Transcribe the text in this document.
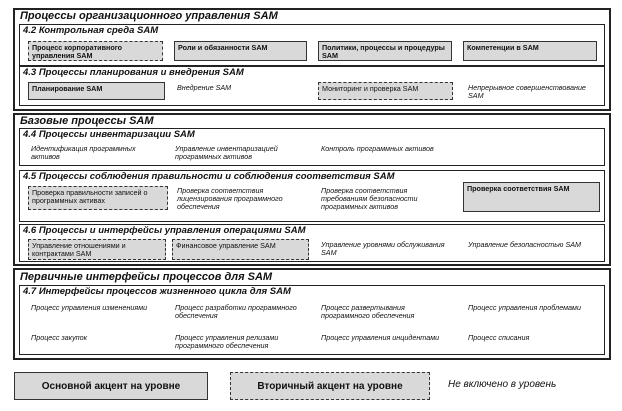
Процессы организационного управления SAM
4.2 Контрольная среда SAM
Процесс корпоративного управления SAM
Роли и обязанности SAM	Политики, процессы и процедуры SAM
Компетенции в SAM
4.3 Процессы планирования и внедрения SAM
Планирование SAM	Внедрение SAM	Мониторинг и проверка SAM	Непрерывное совершенствование SAM
Базовые процессы SAM
4.4 Процессы инвентаризации SAM
Идентификация программных активов
Управление инвентаризацией программных активов
Контроль программных активов
4.5 Процессы соблюдения правильности и соблюдения соответствия SAM
Проверка правильности записей о программных активах
Проверка соответствия лицензирования программного обеспечения
Проверка соответствия требованиям безопасности программных активов
Проверка соответствия SAM
4.6 Процессы и интерфейсы управления операциями SAM
Управление отношениями и контрактами SAM
Финансовое управление SAM	Управление уровнями обслуживания SAM
Управление безопасностью SAM
Первичные интерфейсы процессов для SAM
4.7 Интерфейсы процессов жизненного цикла для SAM
Процесс управления изменениями	Процесс разработки программного обеспечения
Процесс развертывания программного обеспечения
Процесс управления проблемами
Процесс закупок	Процесс управления релизами программного обеспечения
Процесс управления инцидентами	Процесс списания
Основной акцент на уровне	Вторичный акцент на уровне	Не включено в уровень
